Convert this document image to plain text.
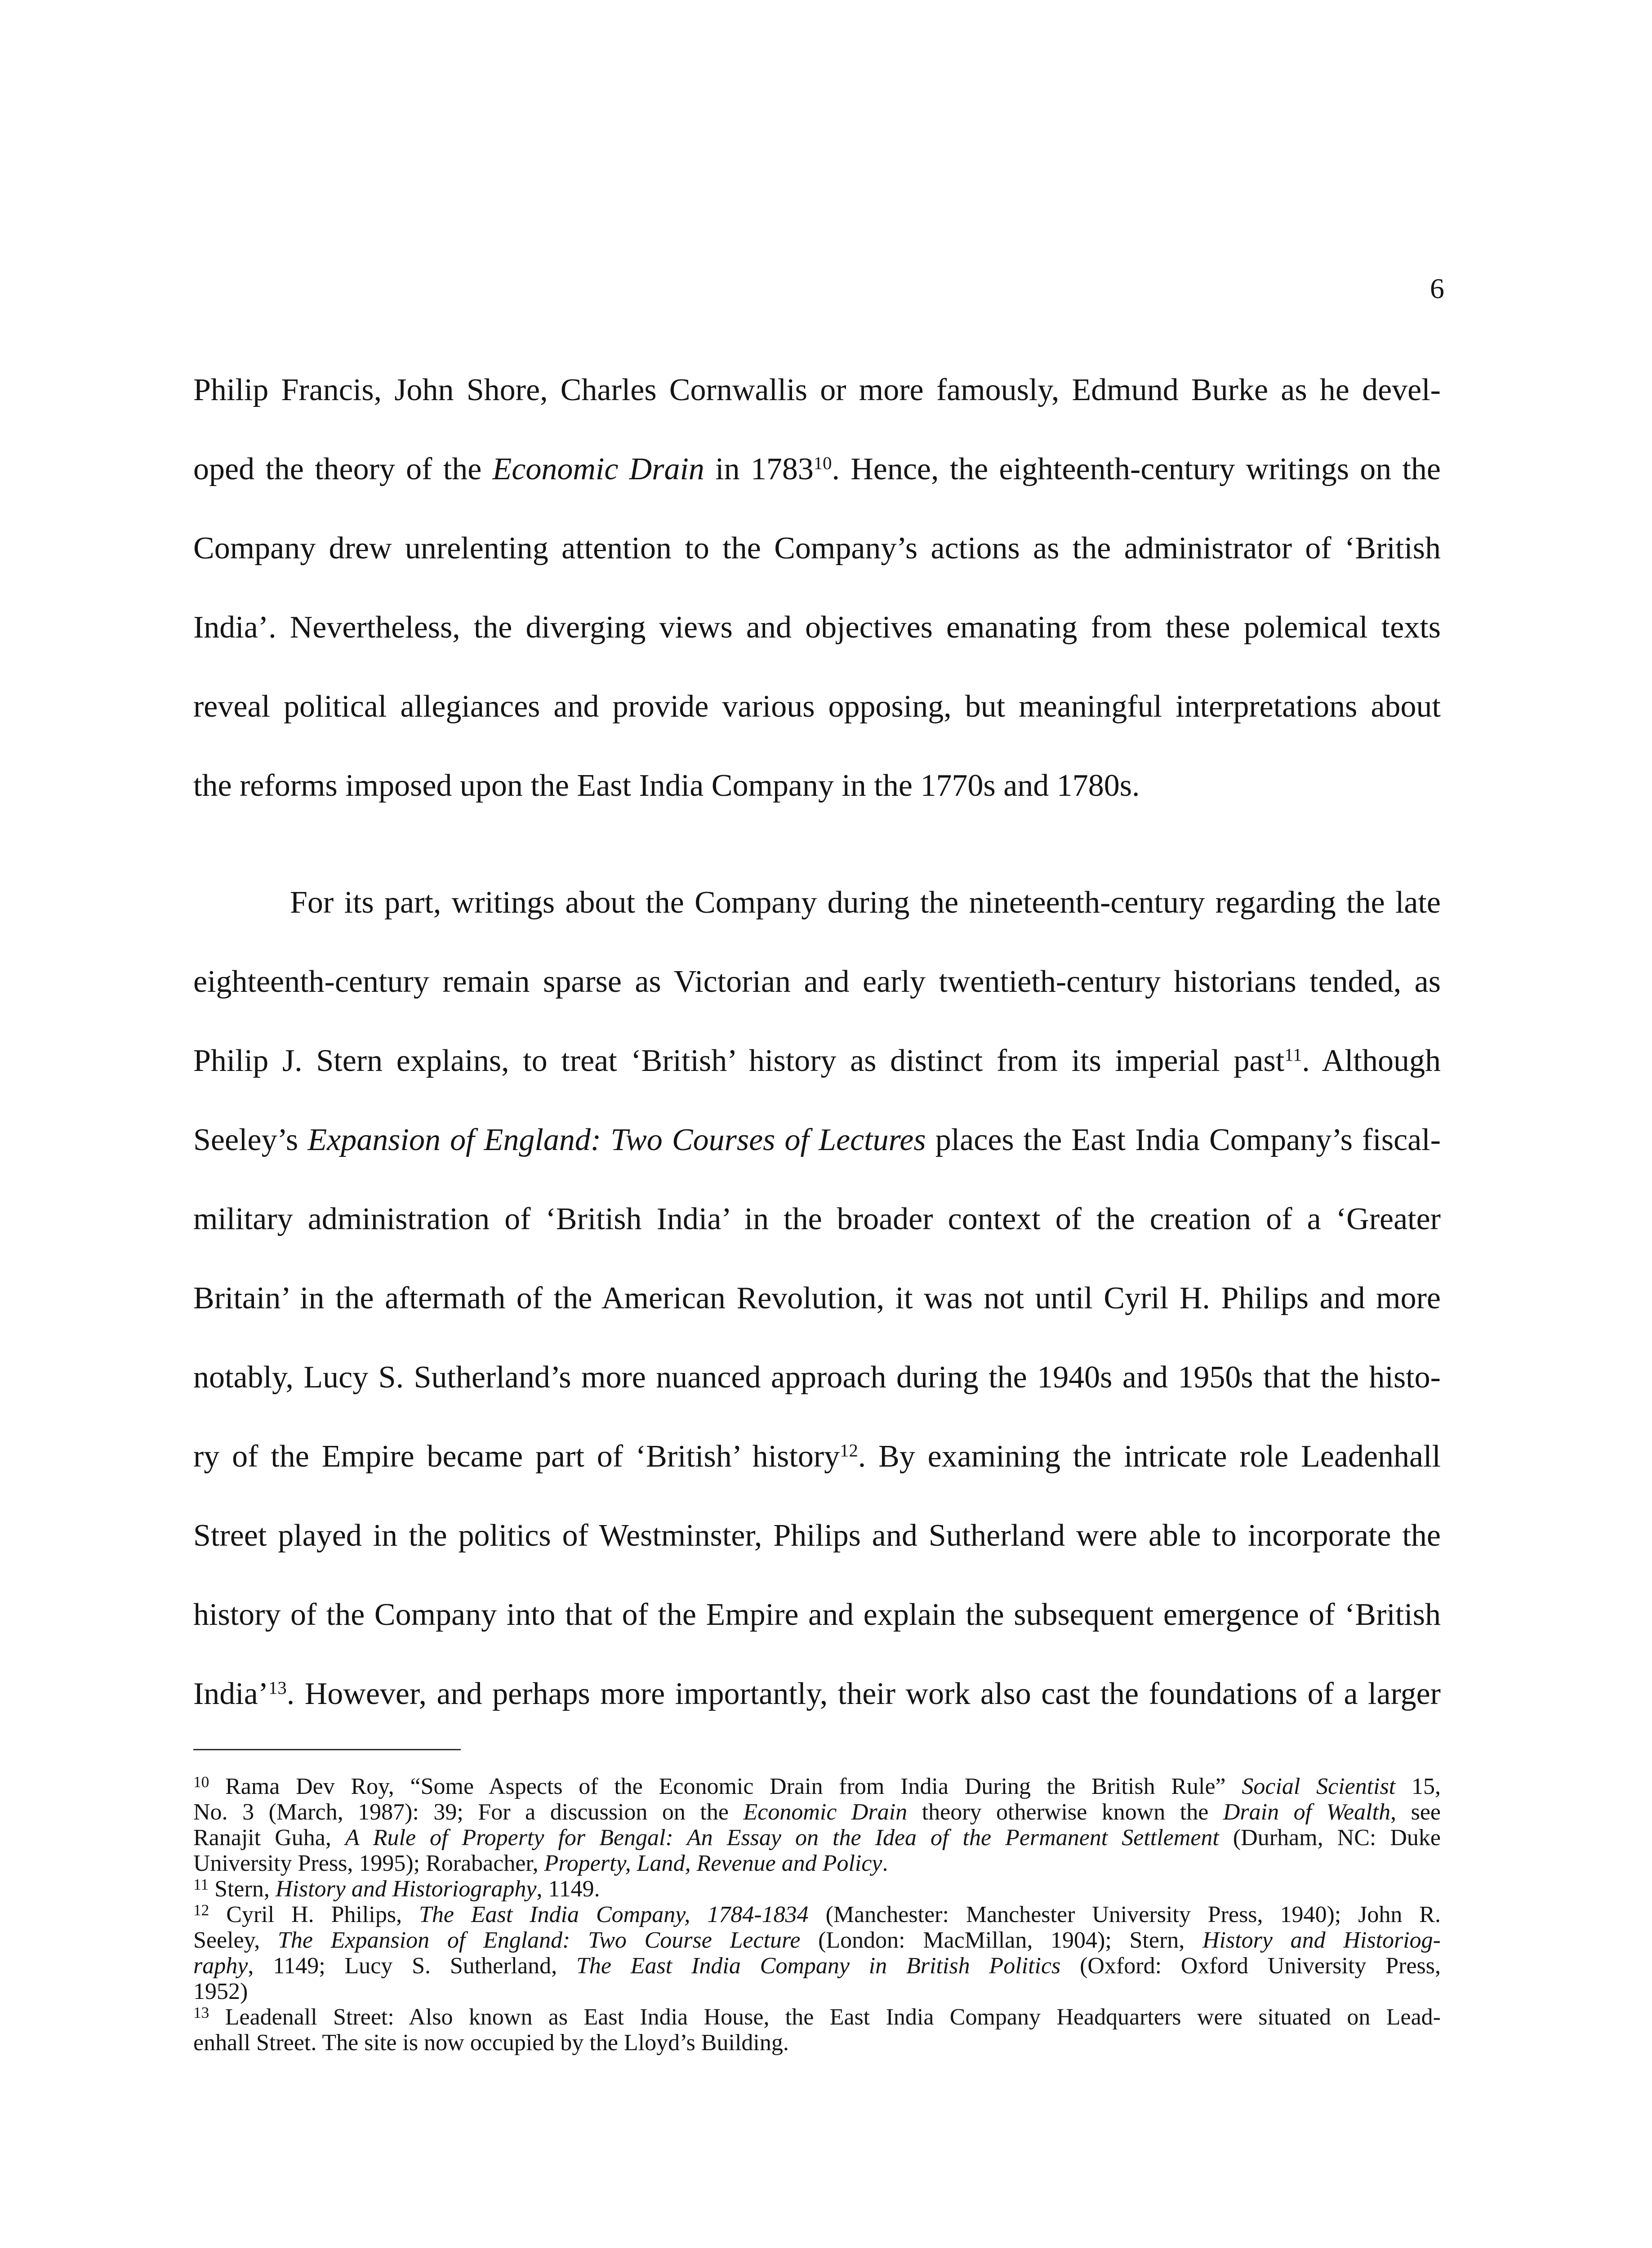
6
Philip Francis, John Shore, Charles Cornwallis or more famously, Edmund Burke as he devel-
oped the theory of the Economic Drain in 1783$^{10}$. Hence, the eighteenth-century writings on the
Company drew unrelenting attention to the Company’s actions as the administrator of ‘British
India’. Nevertheless, the diverging views and objectives emanating from these polemical texts
reveal political allegiances and provide various opposing, but meaningful interpretations about
the reforms imposed upon the East India Company in the 1770s and 1780s.
For its part, writings about the Company during the nineteenth-century regarding the late
eighteenth-century remain sparse as Victorian and early twentieth-century historians tended, as
Philip J. Stern explains, to treat ‘British’ history as distinct from its imperial past$^{11}$. Although
Seeley’s Expansion of England: Two Courses of Lectures places the East India Company’s fiscal-
military administration of ‘British India’ in the broader context of the creation of a ‘Greater
Britain’ in the aftermath of the American Revolution, it was not until Cyril H. Philips and more
notably, Lucy S. Sutherland’s more nuanced approach during the 1940s and 1950s that the histo-
ry of the Empire became part of ‘British’ history$^{12}$. By examining the intricate role Leadenhall
Street played in the politics of Westminster, Philips and Sutherland were able to incorporate the
history of the Company into that of the Empire and explain the subsequent emergence of ‘British
India’$^{13}$. However, and perhaps more importantly, their work also cast the foundations of a larger
$^{10}$ Rama Dev Roy, “Some Aspects of the Economic Drain from India During the British Rule” Social Scientist 15,
No. 3 (March, 1987): 39; For a discussion on the Economic Drain theory otherwise known the Drain of Wealth, see
Ranajit Guha, A Rule of Property for Bengal: An Essay on the Idea of the Permanent Settlement (Durham, NC: Duke
University Press, 1995); Rorabacher, Property, Land, Revenue and Policy.
$^{11}$ Stern, History and Historiography, 1149.
$^{12}$ Cyril H. Philips, The East India Company, 1784-1834 (Manchester: Manchester University Press, 1940); John R.
Seeley, The Expansion of England: Two Course Lecture (London: MacMillan, 1904); Stern, History and Historiog-
raphy, 1149; Lucy S. Sutherland, The East India Company in British Politics (Oxford: Oxford University Press,
1952)
$^{13}$ Leadenall Street: Also known as East India House, the East India Company Headquarters were situated on Lead-
enhall Street. The site is now occupied by the Lloyd’s Building.
